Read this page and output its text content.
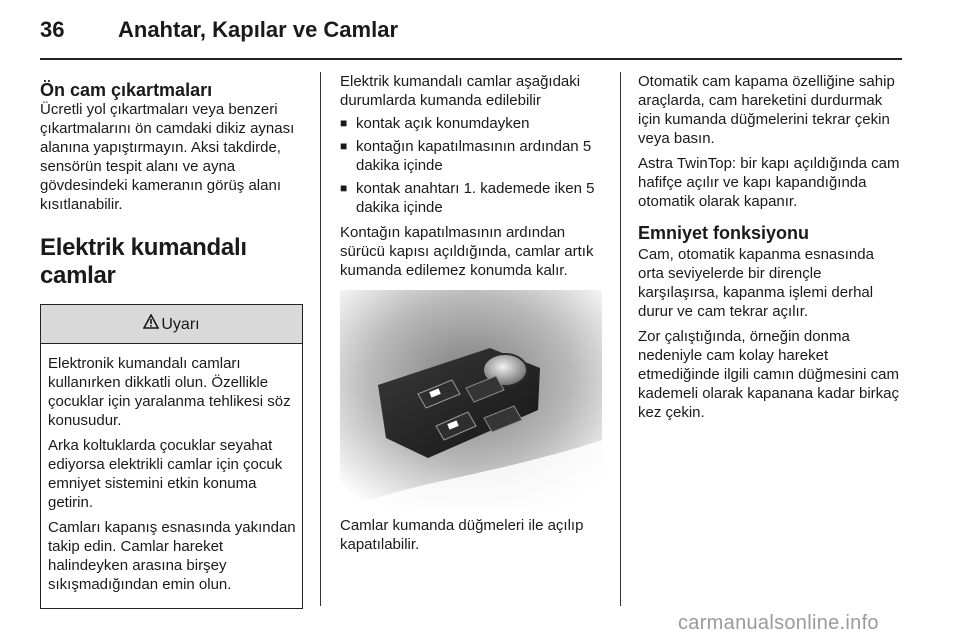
36 Anahtar, Kapılar ve Camlar
Ön cam çıkartmaları

Ücretli yol çıkartmaları veya benzeri çıkartmalarını ön camdaki dikiz aynası alanına yapıştırmayın. Aksi takdirde, sensörün tespit alanı ve ayna gövdesindeki kameranın görüş alanı kısıtlanabilir.

Elektrik kumandalı camlar
Uyarı

Elektronik kumandalı camları kullanırken dikkatli olun. Özellikle çocuklar için yaralanma tehlikesi söz konusudur.

Arka koltuklarda çocuklar seyahat ediyorsa elektrikli camlar için çocuk emniyet sistemini etkin konuma getirin.

Camları kapanış esnasında yakından takip edin. Camlar hareket halindeyken arasına birşey sıkışmadığından emin olun.

Elektrik kumandalı camlar aşağıdaki durumlarda kumanda edilebilir

■ kontak açık konumdayken
■ kontağın kapatılmasının ardından 5 dakika içinde
■ kontak anahtarı 1. kademede iken 5 dakika içinde

Kontağın kapatılmasının ardından sürücü kapısı açıldığında, camlar artık kumanda edilemez konumda kalır.

Camlar kumanda düğmeleri ile açılıp kapatılabilir.

Otomatik cam kapama özelliğine sahip araçlarda, cam hareketini durdurmak için kumanda düğmelerini tekrar çekin veya basın.

Astra TwinTop: bir kapı açıldığında cam hafifçe açılır ve kapı kapandığında otomatik olarak kapanır.

Emniyet fonksiyonu

Cam, otomatik kapanma esnasında orta seviyelerde bir dirençle karşılaşırsa, kapanma işlemi derhal durur ve cam tekrar açılır.

Zor çalıştığında, örneğin donma nedeniyle cam kolay hareket etmediğinde ilgili camın düğmesini cam kademeli olarak kapanana kadar birkaç kez çekin.

carmanualsonline.info
